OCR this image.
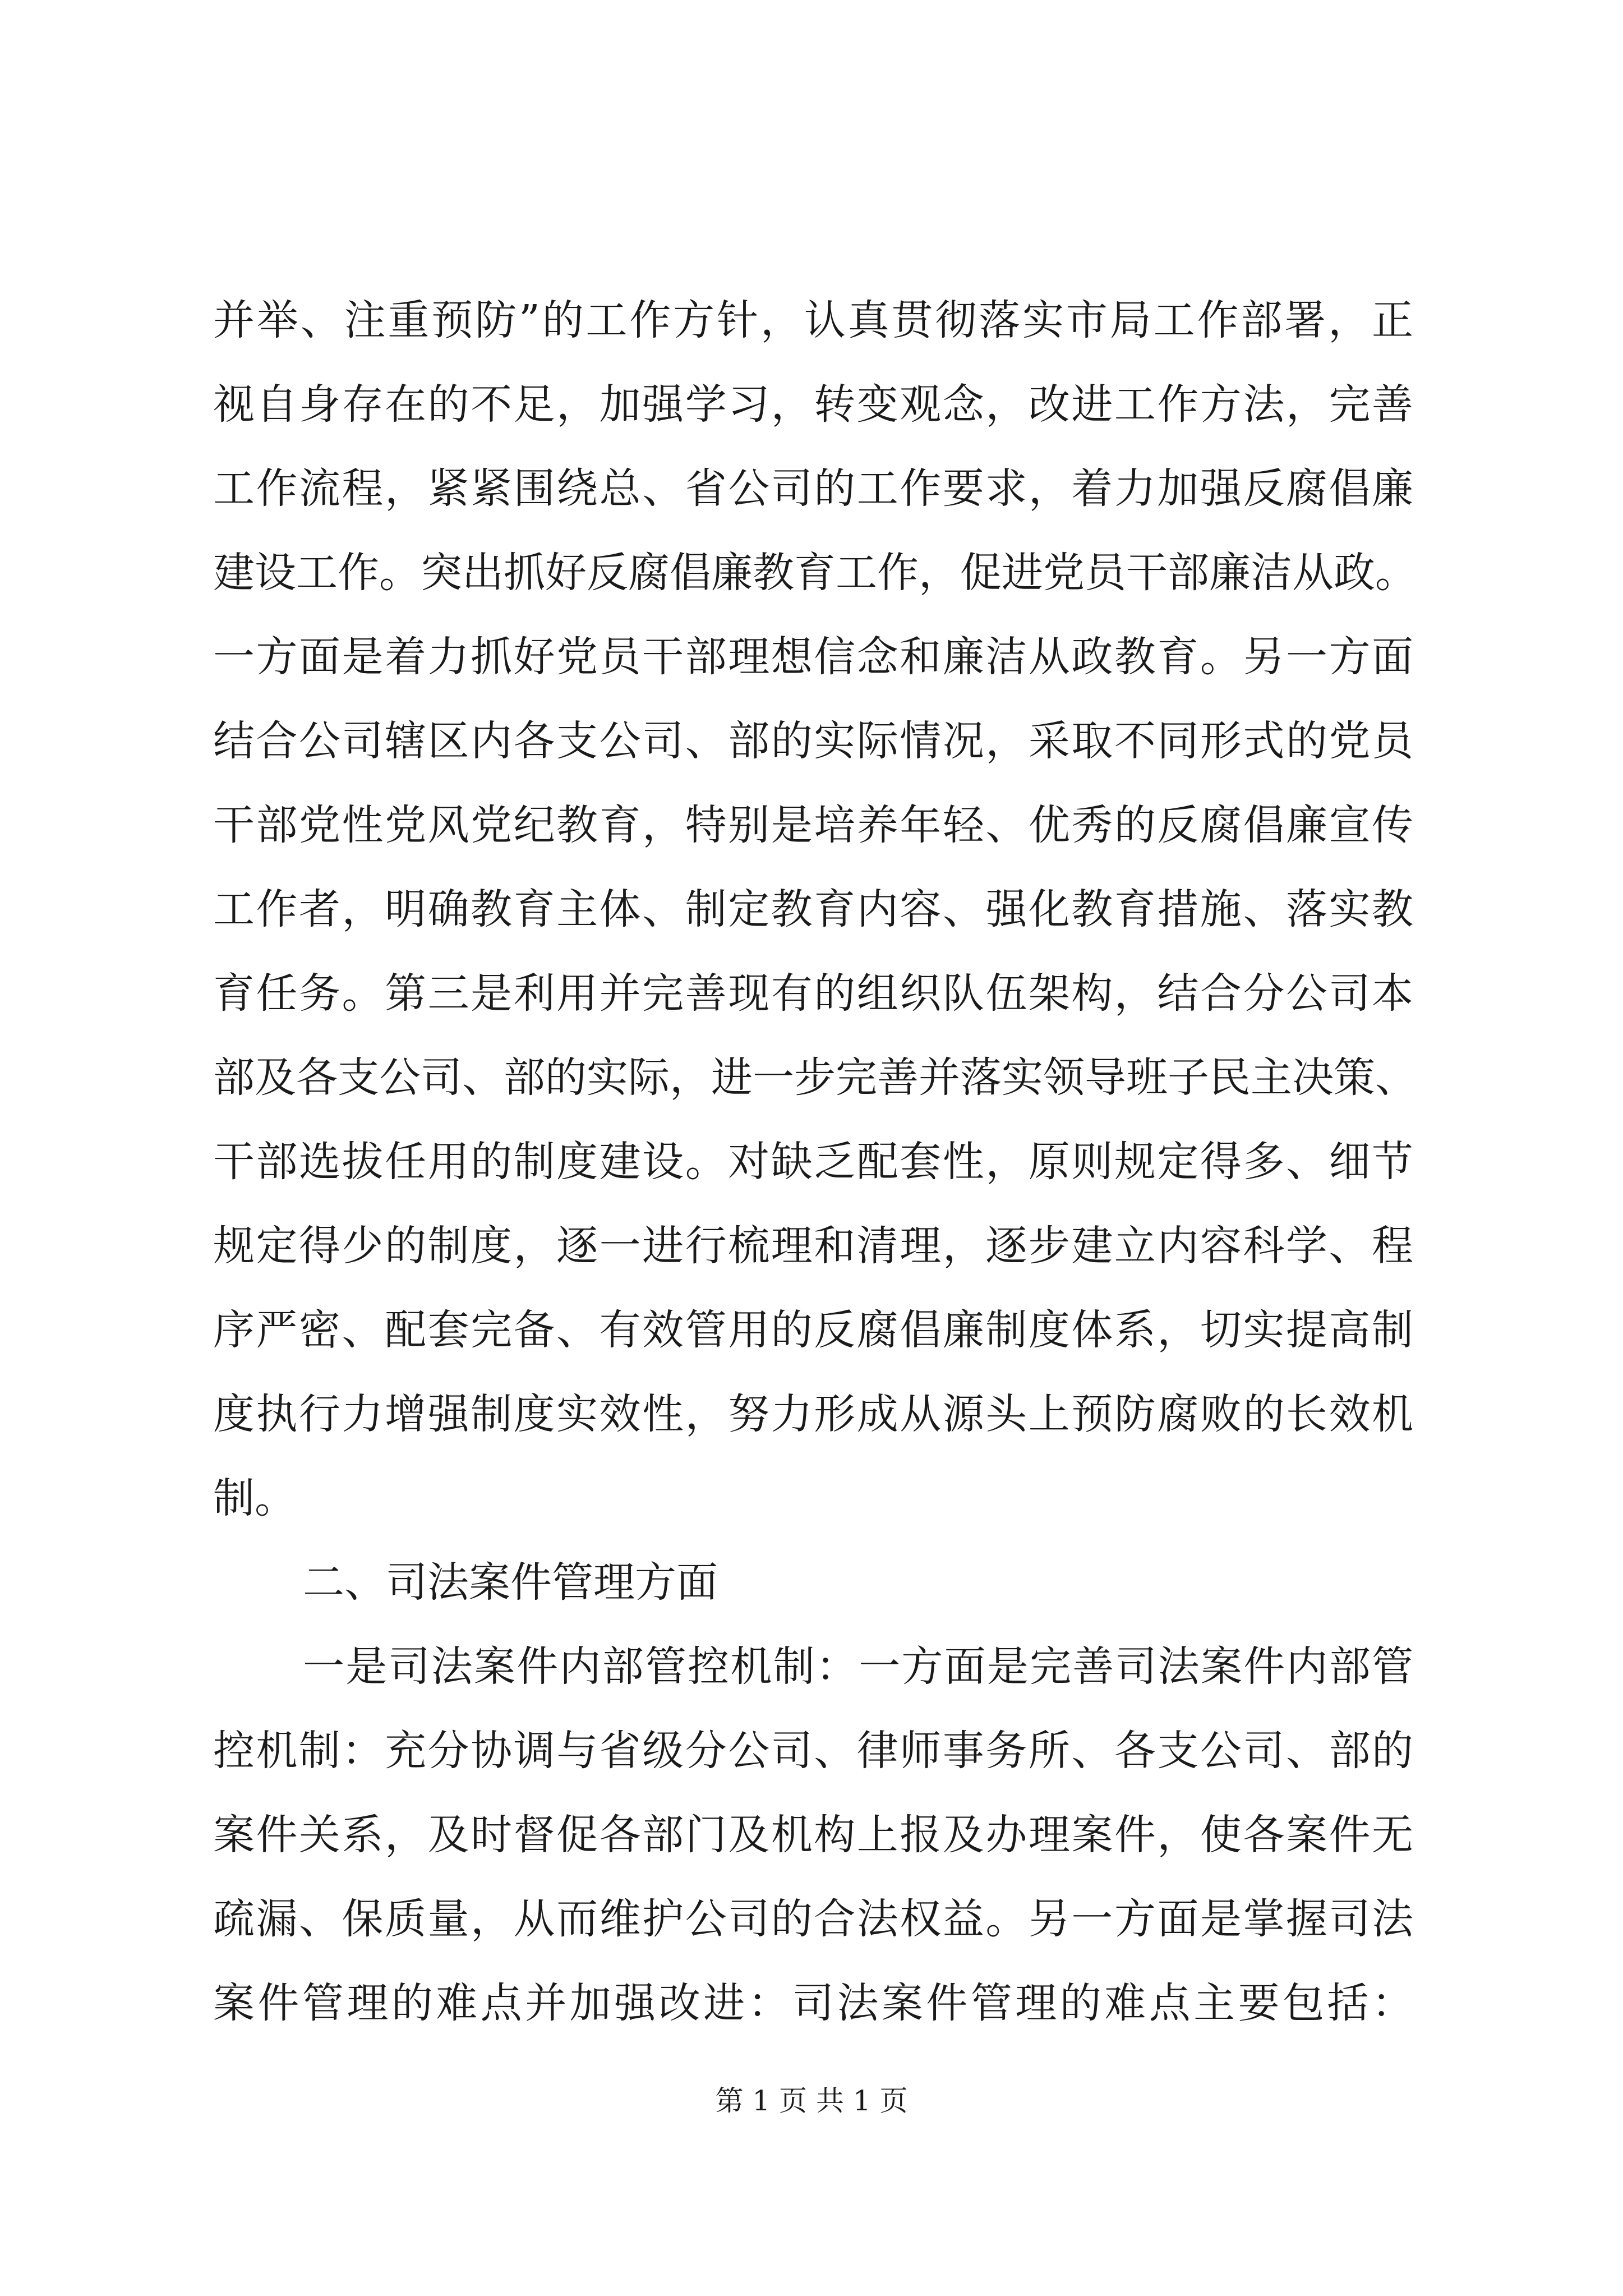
并举、注重预防”的工作方针，认真贯彻落实市局工作部署，正
视自身存在的不足，加强学习，转变观念，改进工作方法，完善
工作流程，紧紧围绕总、省公司的工作要求，着力加强反腐倡廉
建设工作。突出抓好反腐倡廉教育工作，促进党员干部廉洁从政。
一方面是着力抓好党员干部理想信念和廉洁从政教育。另一方面
结合公司辖区内各支公司、部的实际情况，采取不同形式的党员
干部党性党风党纪教育，特别是培养年轻、优秀的反腐倡廉宣传
工作者，明确教育主体、制定教育内容、强化教育措施、落实教
育任务。第三是利用并完善现有的组织队伍架构，结合分公司本
部及各支公司、部的实际，进一步完善并落实领导班子民主决策、
干部选拔任用的制度建设。对缺乏配套性，原则规定得多、细节
规定得少的制度，逐一进行梳理和清理，逐步建立内容科学、程
序严密、配套完备、有效管用的反腐倡廉制度体系，切实提高制
度执行力增强制度实效性，努力形成从源头上预防腐败的长效机
制。
二、司法案件管理方面
一是司法案件内部管控机制：一方面是完善司法案件内部管
控机制：充分协调与省级分公司、律师事务所、各支公司、部的
案件关系，及时督促各部门及机构上报及办理案件，使各案件无
疏漏、保质量，从而维护公司的合法权益。另一方面是掌握司法
案件管理的难点并加强改进：司法案件管理的难点主要包括：
第 1 页 共 1 页
